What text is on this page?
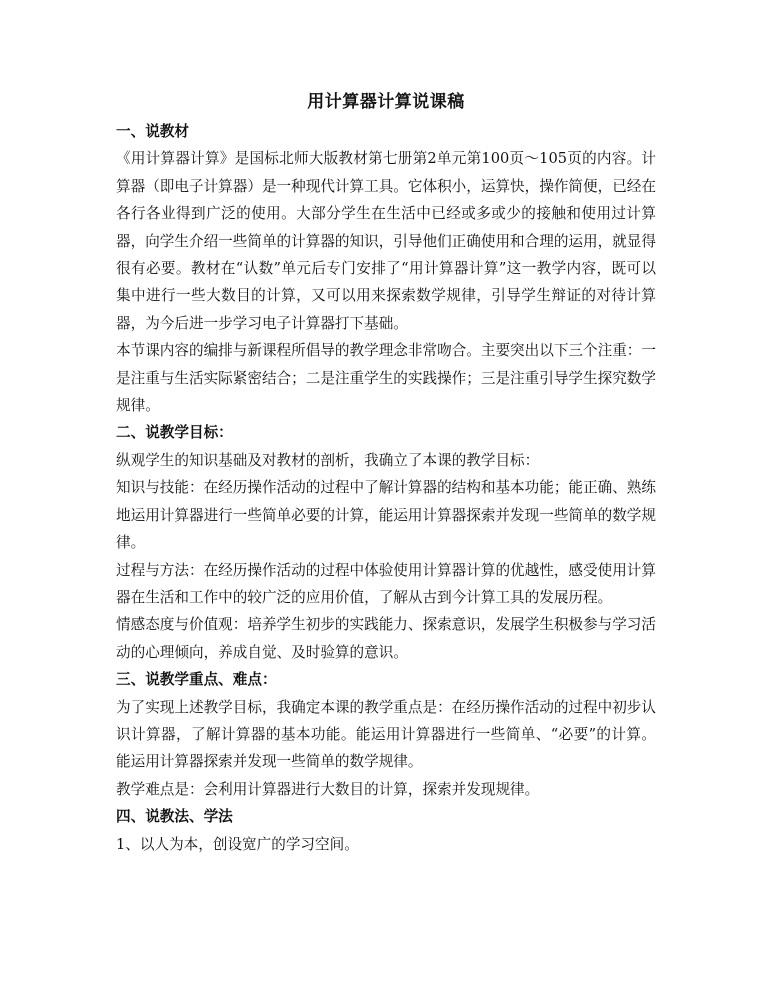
用计算器计算说课稿

一、说教材

《用计算器计算》是国标北师大版教材第七册第2单元第100页～105页的内容。计算器（即电子计算器）是一种现代计算工具。它体积小，运算快，操作简便，已经在各行各业得到广泛的使用。大部分学生在生活中已经或多或少的接触和使用过计算器，向学生介绍一些简单的计算器的知识，引导他们正确使用和合理的运用，就显得很有必要。教材在“认数”单元后专门安排了“用计算器计算”这一教学内容，既可以集中进行一些大数目的计算，又可以用来探索数学规律，引导学生辩证的对待计算器，为今后进一步学习电子计算器打下基础。

本节课内容的编排与新课程所倡导的教学理念非常吻合。主要突出以下三个注重：一是注重与生活实际紧密结合；二是注重学生的实践操作；三是注重引导学生探究数学规律。

二、说教学目标：

纵观学生的知识基础及对教材的剖析，我确立了本课的教学目标：

知识与技能：在经历操作活动的过程中了解计算器的结构和基本功能；能正确、熟练地运用计算器进行一些简单必要的计算，能运用计算器探索并发现一些简单的数学规律。

过程与方法：在经历操作活动的过程中体验使用计算器计算的优越性，感受使用计算器在生活和工作中的较广泛的应用价值，了解从古到今计算工具的发展历程。

情感态度与价值观：培养学生初步的实践能力、探索意识，发展学生积极参与学习活动的心理倾向，养成自觉、及时验算的意识。

三、说教学重点、难点：

为了实现上述教学目标，我确定本课的教学重点是：在经历操作活动的过程中初步认识计算器，了解计算器的基本功能。能运用计算器进行一些简单、“必要”的计算。能运用计算器探索并发现一些简单的数学规律。

教学难点是：会利用计算器进行大数目的计算，探索并发现规律。

四、说教法、学法

1、以人为本，创设宽广的学习空间。
